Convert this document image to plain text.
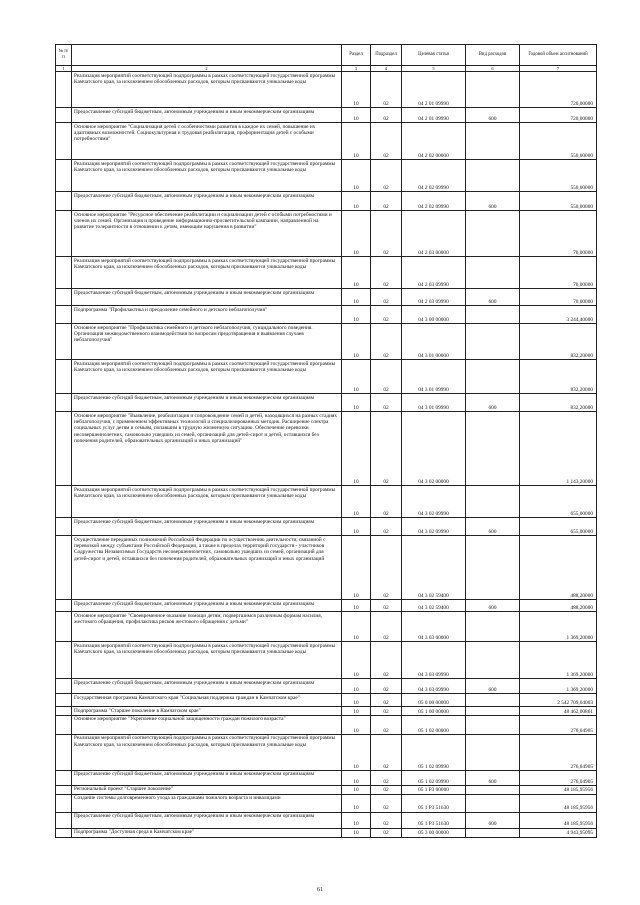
№ п/п		Раздел	Подраздел	Целевая статья	Вид расходов	Годовой объем ассигнований
1	2	3	4	5	6	7
	Реализация мероприятий соответствующей подпрограммы в рамках соответствующей государственной программы Камчатского края, за исключением обособленных расходов, которым присваиваются уникальные коды	10	02	04 2 01 09990		720,00000
	Предоставление субсидий бюджетным, автономным учреждениям и иным некоммерческим организациям	10	02	04 2 01 09990	600	720,00000
	Основное мероприятие "Социализация детей с особенностями развития в каждое их семей, повышение их адаптивных возможностей. Социокультурная и трудовая реабилитация, профориентация детей с особыми потребностями"	10	02	04 2 02 00000		550,00000
	Реализация мероприятий соответствующей подпрограммы в рамках соответствующей государственной программы Камчатского края, за исключением обособленных расходов, которым присваиваются уникальные коды	10	02	04 2 02 09990		550,00000
	Предоставление субсидий бюджетным, автономным учреждениям и иным некоммерческим организациям	10	02	04 2 02 09990	600	550,00000
	Основное мероприятие "Ресурсное обеспечение реабилитации и социализации детей с особыми потребностями и членов их семей. Организация и проведение информационно-просветительской кампании, направленной на развитие толерантности в отношении к детям, имеющим нарушения в развитии"	10	02	04 2 03 00000		70,00000
	Реализация мероприятий соответствующей подпрограммы в рамках соответствующей государственной программы Камчатского края, за исключением обособленных расходов, которым присваиваются уникальные коды	10	02	04 2 03 09990		70,00000
	Предоставление субсидий бюджетным, автономным учреждениям и иным некоммерческим организациям	10	02	04 2 03 09990	600	70,00000
	Подпрограмма "Профилактика и преодоление семейного и детского неблагополучия"	10	02	04 3 00 00000		3 244,40000
	Основное мероприятие "Профилактика семейного и детского неблагополучия, суицидального поведения. Организация межведомственного взаимодействия по вопросам предотвращения и выявления случаев неблагополучия"	10	02	04 3 01 00000		832,20000
	Реализация мероприятий соответствующей подпрограммы в рамках соответствующей государственной программы Камчатского края, за исключением обособленных расходов, которым присваиваются уникальные коды	10	02	04 3 01 09990		832,20000
	Предоставление субсидий бюджетным, автономным учреждениям и иным некоммерческим организациям	10	02	04 3 01 09990	600	832,20000
	Основное мероприятие "Выявление, реабилитация и сопровождение семей и детей, находящихся на разных стадиях неблагополучия, с применением эффективных технологий и специализированных методик. Расширение спектра социальных услуг детям и семьям, попавшим в трудную жизненную ситуацию. Обеспечение перевозки несовершеннолетних, самовольно ушедших из семей, организаций для детей-сирот и детей, оставшихся без попечения родителей, образовательных организаций и иных организаций"	10	02	04 3 02 00000		1 143,20000
	Реализация мероприятий соответствующей подпрограммы в рамках соответствующей государственной программы Камчатского края, за исключением обособленных расходов, которым присваиваются уникальные коды	10	02	04 3 02 09990		655,00000
	Предоставление субсидий бюджетным, автономным учреждениям и иным некоммерческим организациям	10	02	04 3 02 09990	600	655,00000
	Осуществление переданных полномочий Российской Федерации по осуществлению деятельности, связанной с перевозкой между субъектами Российской Федерации, а также в пределах территорий государств - участников Содружества Независимых Государств несовершеннолетних, самовольно ушедших из семей, организаций для детей-сирот и детей, оставшихся без попечения родителей, образовательных организаций и иных организаций	10	02	04 3 02 59400		488,20000
	Предоставление субсидий бюджетным, автономным учреждениям и иным некоммерческим организациям	10	02	04 3 02 59400	600	488,20000
	Основное мероприятие "Своевременное оказание помощи детям, подвергшимся различным формам насилия, жестокого обращения, профилактика рисков жестокого обращения с детьми"	10	02	04 3 03 00000		1 369,20000
	Реализация мероприятий соответствующей подпрограммы в рамках соответствующей государственной программы Камчатского края, за исключением обособленных расходов, которым присваиваются уникальные коды	10	02	04 3 03 09990		1 369,20000
	Предоставление субсидий бюджетным, автономным учреждениям и иным некоммерческим организациям	10	02	04 3 03 09990	600	1 369,20000
	Государственная программа Камчатского края "Социальная поддержка граждан в Камчатском крае"	10	02	05 0 00 00000		2 542 709,04003
	Подпрограмма "Старшее поколение в Камчатском крае"	10	02	05 1 00 00000		48 462,00861
	Основное мероприятие "Укрепление социальной защищенности граждан пожилого возраста"	10	02	05 1 02 00000		276,04905
	Реализация мероприятий соответствующей подпрограммы в рамках соответствующей государственной программы Камчатского края, за исключением обособленных расходов, которым присваиваются уникальные коды	10	02	05 1 02 09990		276,04905
	Предоставление субсидий бюджетным, автономным учреждениям и иным некоммерческим организациям	10	02	05 1 02 09990	600	276,04905
	Региональный проект "Старшее поколение"	10	02	05 1 P3 00000		48 185,95956
	Создание системы долговременного ухода за гражданами пожилого возраста и инвалидами	10	02	05 1 P3 51630		48 185,95956
	Предоставление субсидий бюджетным, автономным учреждениям и иным некоммерческим организациям	10	02	05 1 P3 51630	600	48 185,95956
	Подпрограмма "Доступная среда в Камчатском крае"	10	02	05 3 00 00000		4 943,95095
61
